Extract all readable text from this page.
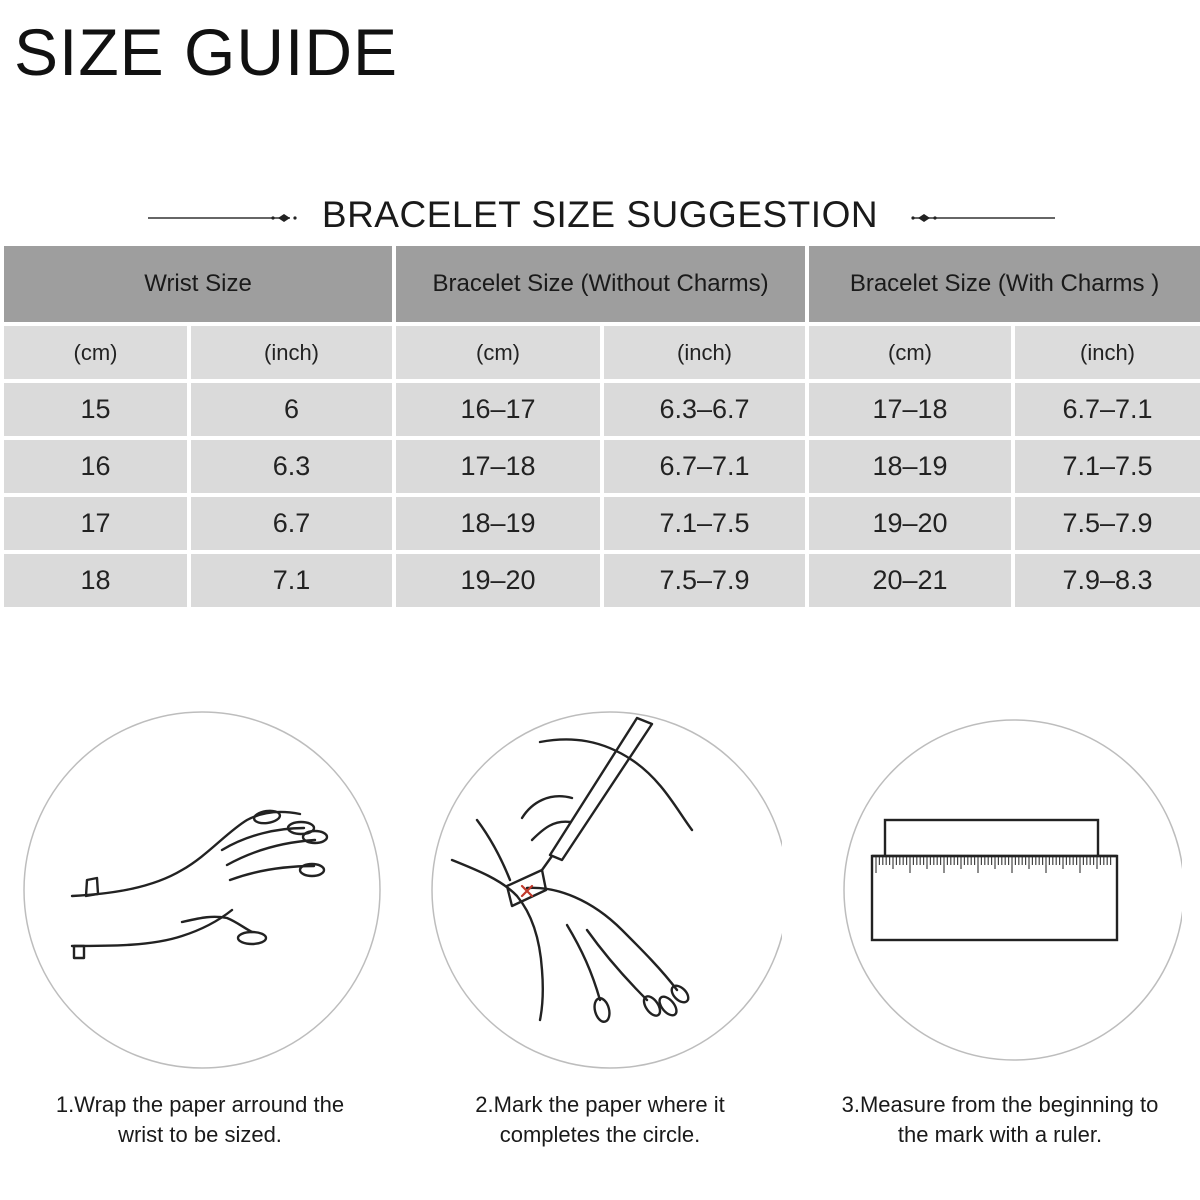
SIZE GUIDE
BRACELET SIZE SUGGESTION
Wrist Size		Bracelet Size (Without Charms)		Bracelet Size (With Charms )	
(cm)	(inch)	(cm)	(inch)	(cm)	(inch)
15	6	16–17	6.3–6.7	17–18	6.7–7.1
16	6.3	17–18	6.7–7.1	18–19	7.1–7.5
17	6.7	18–19	7.1–7.5	19–20	7.5–7.9
18	7.1	19–20	7.5–7.9	20–21	7.9–8.3
1.Wrap the paper arround the
wrist to be sized.
2.Mark the paper where it
completes the circle.
3.Measure from the beginning to
the mark with a ruler.
